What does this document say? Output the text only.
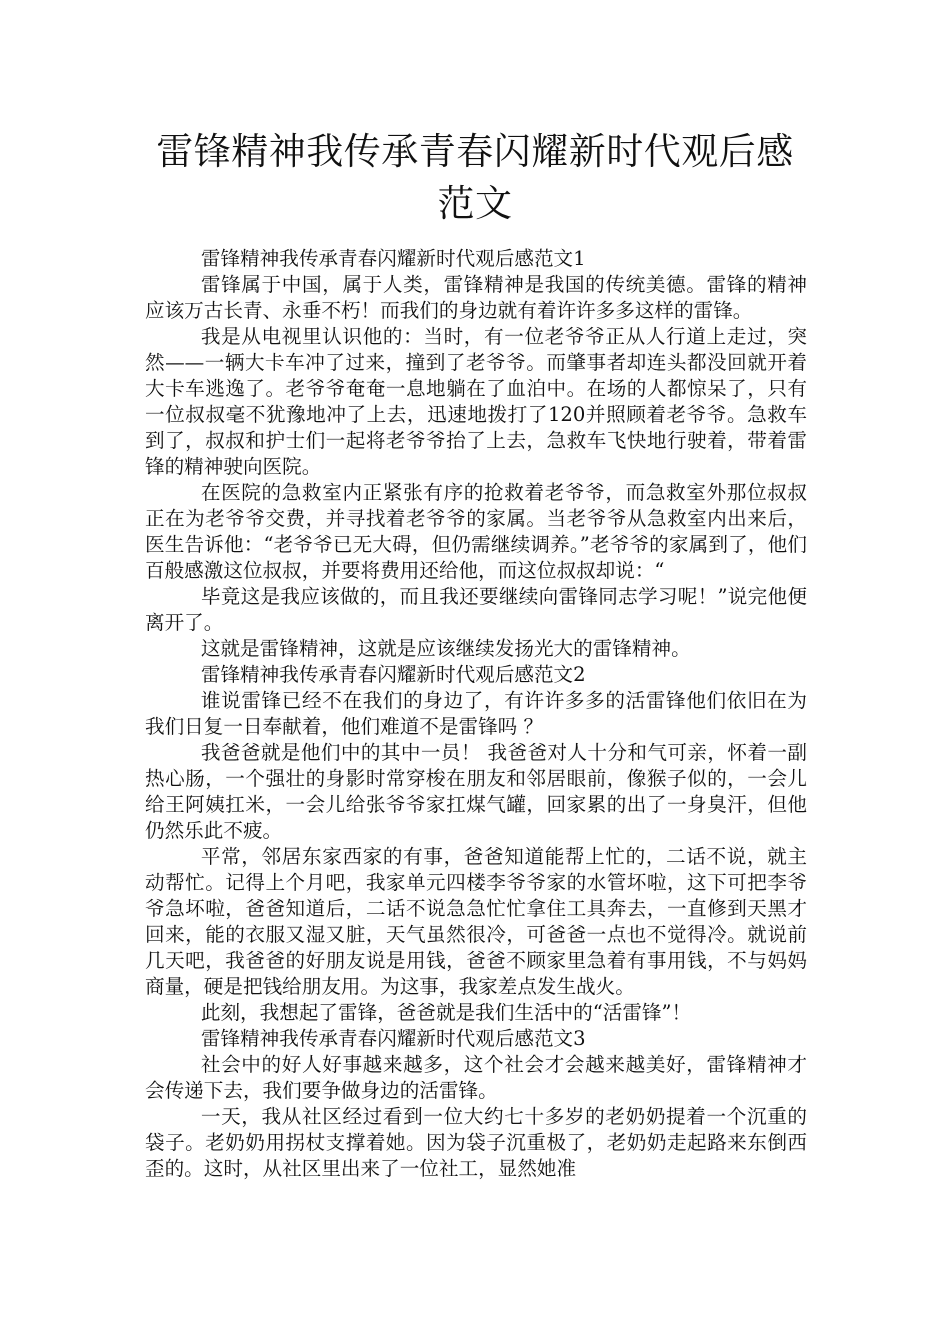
雷锋精神我传承青春闪耀新时代观后感范文

雷锋精神我传承青春闪耀新时代观后感范文1

雷锋属于中国，属于人类，雷锋精神是我国的传统美德。雷锋的精神应该万古长青、永垂不朽！而我们的身边就有着许许多多这样的雷锋。

我是从电视里认识他的：当时，有一位老爷爷正从人行道上走过，突然——一辆大卡车冲了过来，撞到了老爷爷。而肇事者却连头都没回就开着大卡车逃逸了。老爷爷奄奄一息地躺在了血泊中。在场的人都惊呆了，只有一位叔叔毫不犹豫地冲了上去，迅速地拨打了120并照顾着老爷爷。急救车到了，叔叔和护士们一起将老爷爷抬了上去，急救车飞快地行驶着，带着雷锋的精神驶向医院。

在医院的急救室内正紧张有序的抢救着老爷爷，而急救室外那位叔叔正在为老爷爷交费，并寻找着老爷爷的家属。当老爷爷从急救室内出来后，医生告诉他：“老爷爷已无大碍，但仍需继续调养。”老爷爷的家属到了，他们百般感激这位叔叔，并要将费用还给他，而这位叔叔却说：“

毕竟这是我应该做的，而且我还要继续向雷锋同志学习呢！”说完他便离开了。

这就是雷锋精神，这就是应该继续发扬光大的雷锋精神。

雷锋精神我传承青春闪耀新时代观后感范文2

谁说雷锋已经不在我们的身边了，有许许多多的活雷锋他们依旧在为我们日复一日奉献着，他们难道不是雷锋吗 ？

我爸爸就是他们中的其中一员！ 我爸爸对人十分和气可亲，怀着一副热心肠，一个强壮的身影时常穿梭在朋友和邻居眼前，像猴子似的，一会儿给王阿姨扛米，一会儿给张爷爷家扛煤气罐，回家累的出了一身臭汗，但他仍然乐此不疲。

平常，邻居东家西家的有事，爸爸知道能帮上忙的，二话不说，就主动帮忙。记得上个月吧，我家单元四楼李爷爷家的水管坏啦，这下可把李爷爷急坏啦，爸爸知道后，二话不说急急忙忙拿住工具奔去，一直修到天黑才回来，能的衣服又湿又脏，天气虽然很冷，可爸爸一点也不觉得冷。就说前几天吧，我爸爸的好朋友说是用钱，爸爸不顾家里急着有事用钱，不与妈妈商量，硬是把钱给朋友用。为这事，我家差点发生战火。

此刻，我想起了雷锋，爸爸就是我们生活中的“活雷锋”！

雷锋精神我传承青春闪耀新时代观后感范文3

社会中的好人好事越来越多，这个社会才会越来越美好，雷锋精神才会传递下去，我们要争做身边的活雷锋。

一天，我从社区经过看到一位大约七十多岁的老奶奶提着一个沉重的袋子。老奶奶用拐杖支撑着她。因为袋子沉重极了，老奶奶走起路来东倒西歪的。这时，从社区里出来了一位社工，显然她准
